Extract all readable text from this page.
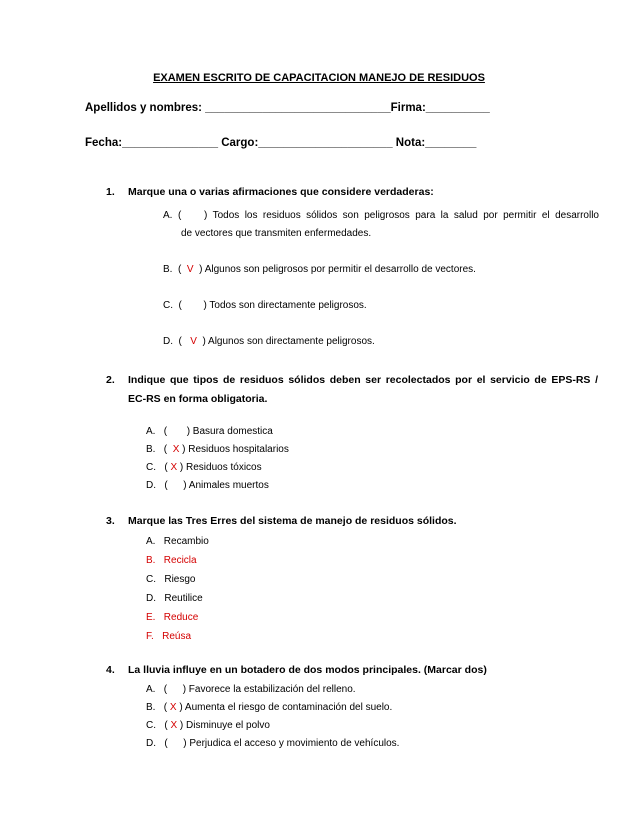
EXAMEN ESCRITO DE CAPACITACION MANEJO DE RESIDUOS
Apellidos y nombres: _____________________________Firma:__________
Fecha:_______________ Cargo:_____________________ Nota:________
1. Marque una o varias afirmaciones que considere verdaderas:
A.  (	) Todos los residuos sólidos son peligrosos para la salud por permitir el desarrollo
de vectores que transmiten enfermedades.
B.  (  V ) Algunos son peligrosos por permitir el desarrollo de vectores.
C.  (  ) Todos son directamente peligrosos.
D.  (   V ) Algunos son directamente peligrosos.
2. Indique que tipos de residuos sólidos deben ser recolectados por el servicio de EPS-RS /
EC-RS en forma obligatoria.
A.   (  ) Basura domestica
B.   (  X ) Residuos hospitalarios
C.   ( X ) Residuos tóxicos
D.   (  ) Animales muertos
3. Marque las Tres Erres del sistema de manejo de residuos sólidos.
A. Recambio
B. Recicla
C. Riesgo
D. Reutilice
E. Reduce
F. Reúsa
4. La lluvia influye en un botadero de dos modos principales. (Marcar dos)
A.   (  ) Favorece la estabilización del relleno.
B.   ( X ) Aumenta el riesgo de contaminación del suelo.
C.   ( X ) Disminuye el polvo
D.   (  ) Perjudica el acceso y movimiento de vehículos.
